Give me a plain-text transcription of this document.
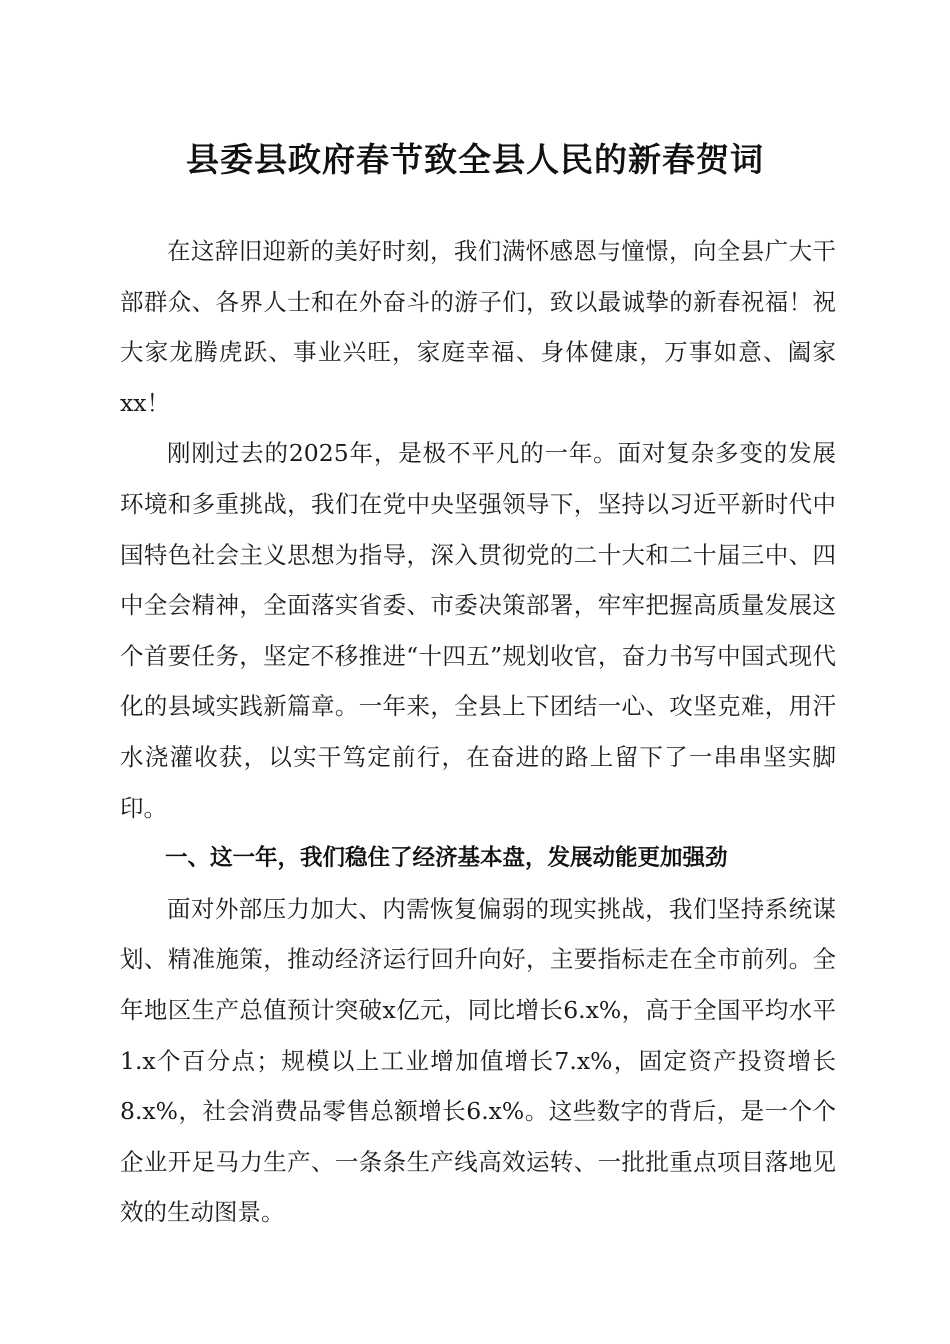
县委县政府春节致全县人民的新春贺词

在这辞旧迎新的美好时刻，我们满怀感恩与憧憬，向全县广大干部群众、各界人士和在外奋斗的游子们，致以最诚挚的新春祝福！祝大家龙腾虎跃、事业兴旺，家庭幸福、身体健康，万事如意、阖家xx！

刚刚过去的2025年，是极不平凡的一年。面对复杂多变的发展环境和多重挑战，我们在党中央坚强领导下，坚持以习近平新时代中国特色社会主义思想为指导，深入贯彻党的二十大和二十届三中、四中全会精神，全面落实省委、市委决策部署，牢牢把握高质量发展这个首要任务，坚定不移推进“十四五”规划收官，奋力书写中国式现代化的县域实践新篇章。一年来，全县上下团结一心、攻坚克难，用汗水浇灌收获，以实干笃定前行，在奋进的路上留下了一串串坚实脚印。

一、这一年，我们稳住了经济基本盘，发展动能更加强劲

面对外部压力加大、内需恢复偏弱的现实挑战，我们坚持系统谋划、精准施策，推动经济运行回升向好，主要指标走在全市前列。全年地区生产总值预计突破x亿元，同比增长6.x%，高于全国平均水平1.x个百分点；规模以上工业增加值增长7.x%，固定资产投资增长8.x%，社会消费品零售总额增长6.x%。这些数字的背后，是一个个企业开足马力生产、一条条生产线高效运转、一批批重点项目落地见效的生动图景。
